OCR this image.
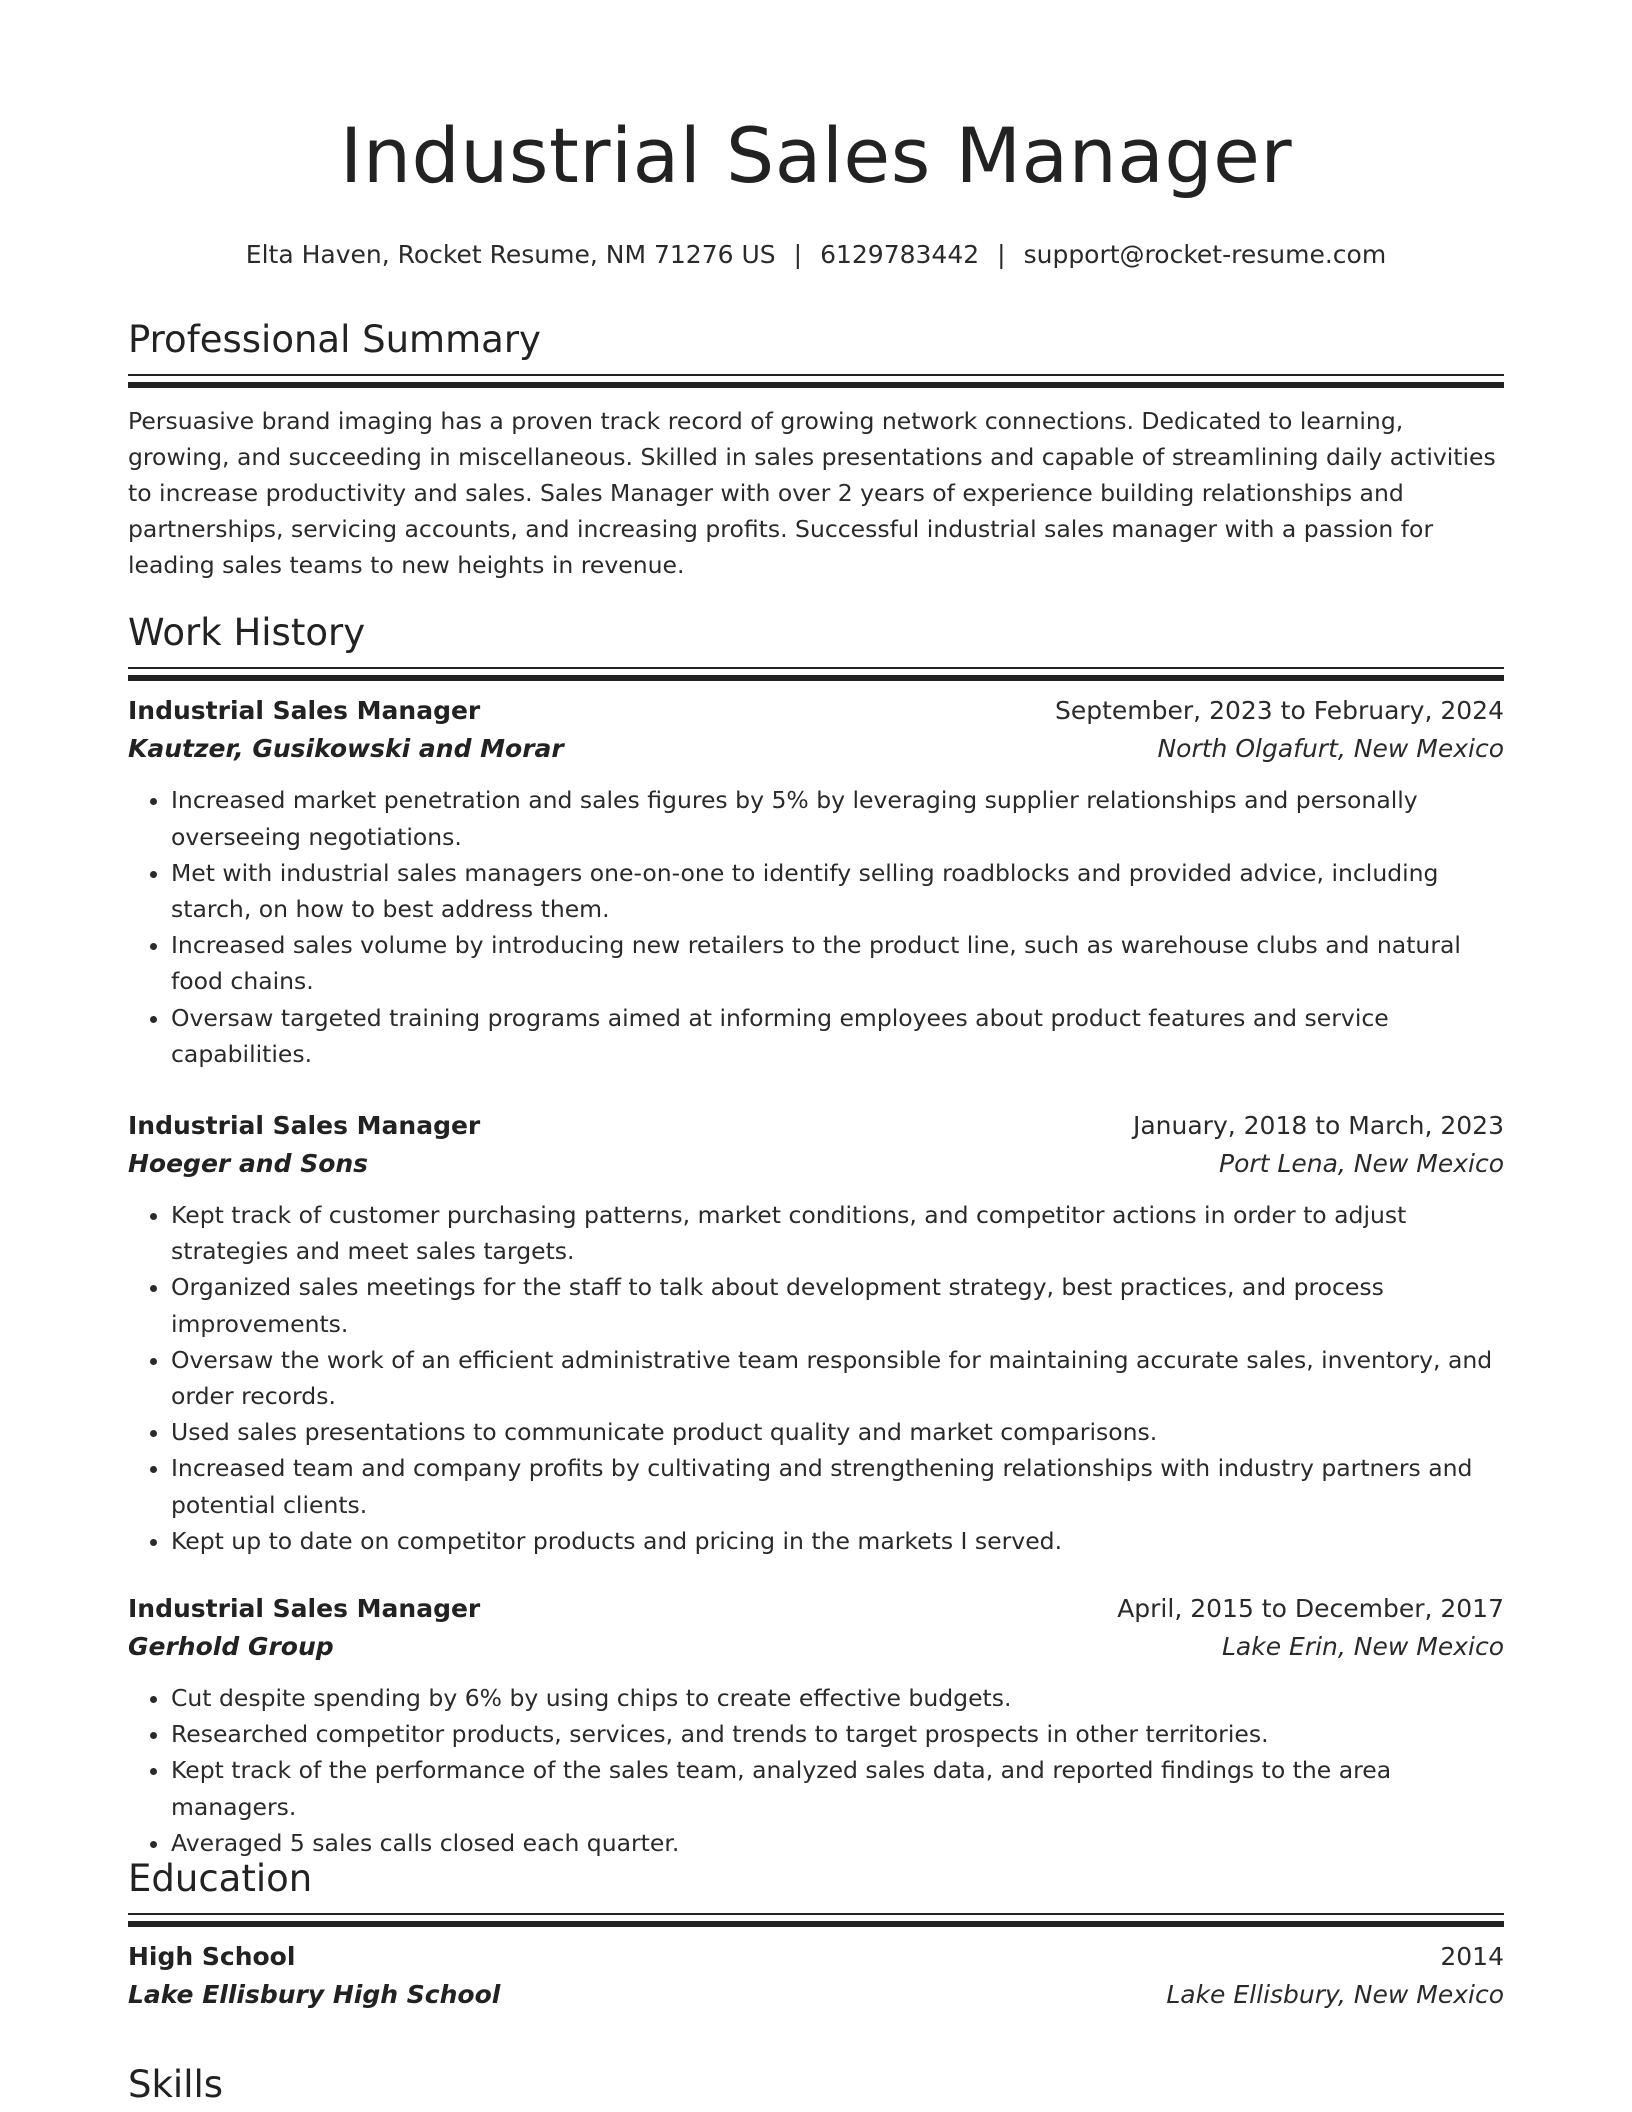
Industrial Sales Manager
Elta Haven, Rocket Resume, NM 71276 US | 6129783442 | support@rocket-resume.com
Professional Summary

Persuasive brand imaging has a proven track record of growing network connections. Dedicated to learning, growing, and succeeding in miscellaneous. Skilled in sales presentations and capable of streamlining daily activities to increase productivity and sales. Sales Manager with over 2 years of experience building relationships and partnerships, servicing accounts, and increasing profits. Successful industrial sales manager with a passion for leading sales teams to new heights in revenue.

Work History
Industrial Sales Manager	September, 2023 to February, 2024
Kautzer, Gusikowski and Morar	North Olgafurt, New Mexico
• Increased market penetration and sales figures by 5% by leveraging supplier relationships and personally overseeing negotiations.
• Met with industrial sales managers one-on-one to identify selling roadblocks and provided advice, including starch, on how to best address them.
• Increased sales volume by introducing new retailers to the product line, such as warehouse clubs and natural food chains.
• Oversaw targeted training programs aimed at informing employees about product features and service capabilities.
Industrial Sales Manager	January, 2018 to March, 2023
Hoeger and Sons	Port Lena, New Mexico
• Kept track of customer purchasing patterns, market conditions, and competitor actions in order to adjust strategies and meet sales targets.
• Organized sales meetings for the staff to talk about development strategy, best practices, and process improvements.
• Oversaw the work of an efficient administrative team responsible for maintaining accurate sales, inventory, and order records.
• Used sales presentations to communicate product quality and market comparisons.
• Increased team and company profits by cultivating and strengthening relationships with industry partners and potential clients.
• Kept up to date on competitor products and pricing in the markets I served.
Industrial Sales Manager	April, 2015 to December, 2017
Gerhold Group	Lake Erin, New Mexico
• Cut despite spending by 6% by using chips to create effective budgets.
• Researched competitor products, services, and trends to target prospects in other territories.
• Kept track of the performance of the sales team, analyzed sales data, and reported findings to the area managers.
• Averaged 5 sales calls closed each quarter.
Education
High School	2014
Lake Ellisbury High School	Lake Ellisbury, New Mexico
Skills
